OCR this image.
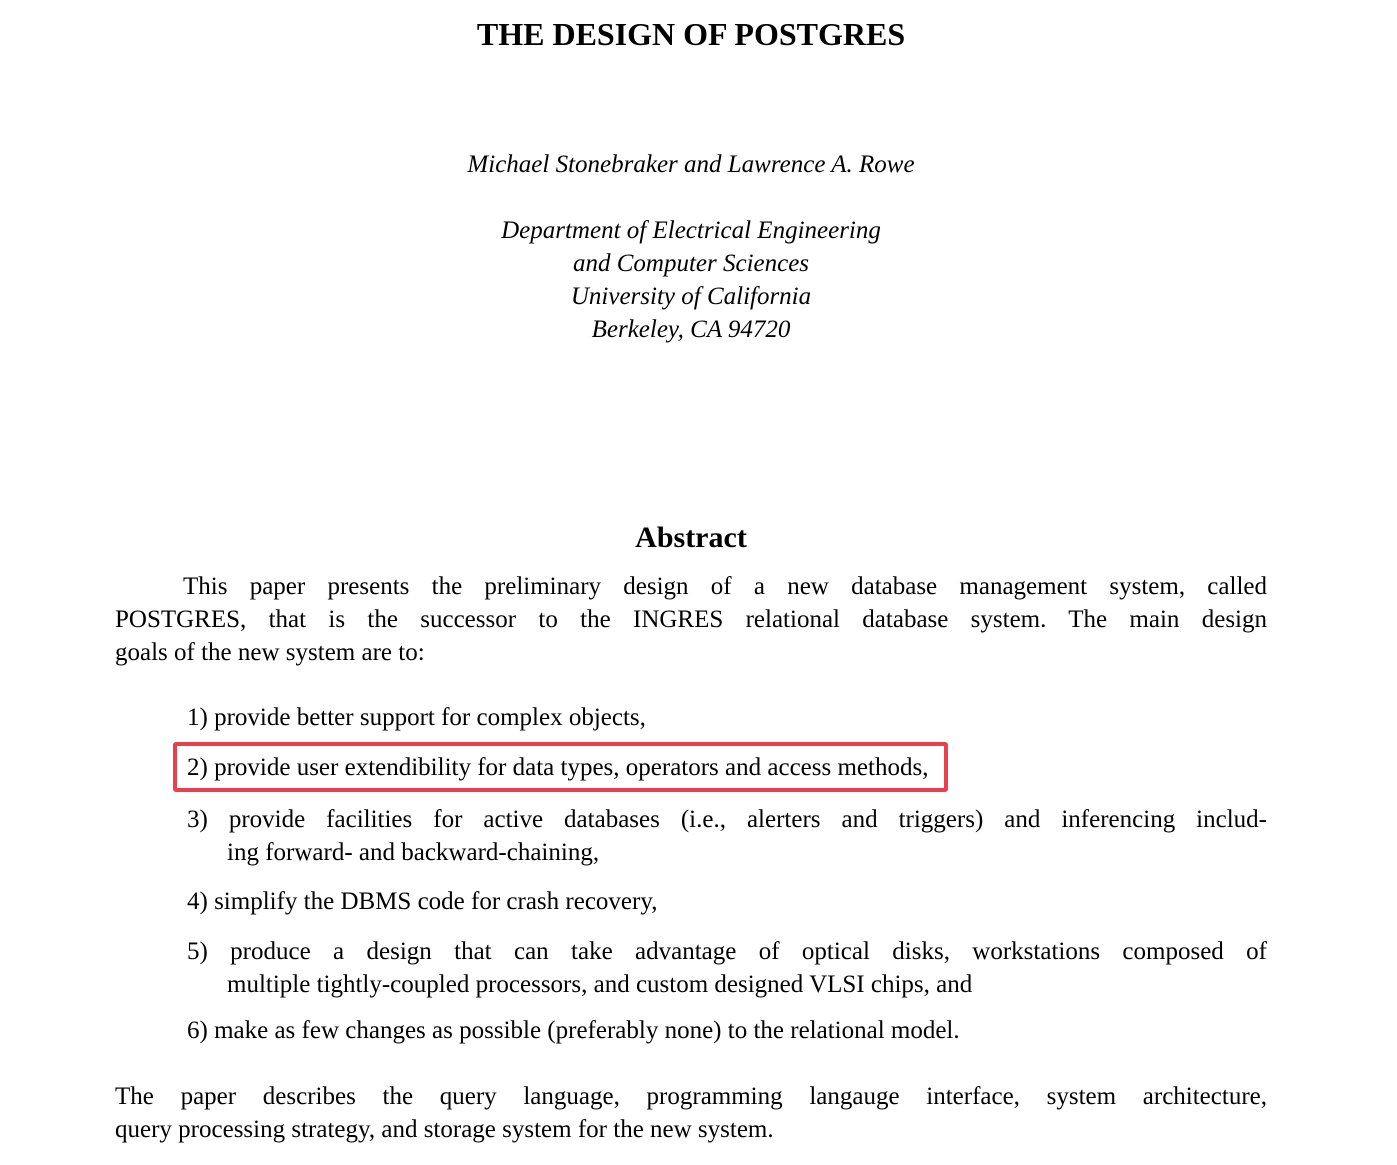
THE DESIGN OF POSTGRES
Michael Stonebraker and Lawrence A. Rowe
Department of Electrical Engineering
and Computer Sciences
University of California
Berkeley, CA 94720
Abstract
This paper presents the preliminary design of a new database management system, called
POSTGRES, that is the successor to the INGRES relational database system. The main design
goals of the new system are to:
1) provide better support for complex objects,
2) provide user extendibility for data types, operators and access methods,
3) provide facilities for active databases (i.e., alerters and triggers) and inferencing includ-
ing forward- and backward-chaining,
4) simplify the DBMS code for crash recovery,
5) produce a design that can take advantage of optical disks, workstations composed of
multiple tightly-coupled processors, and custom designed VLSI chips, and
6) make as few changes as possible (preferably none) to the relational model.
The paper describes the query language, programming langauge interface, system architecture,
query processing strategy, and storage system for the new system.
